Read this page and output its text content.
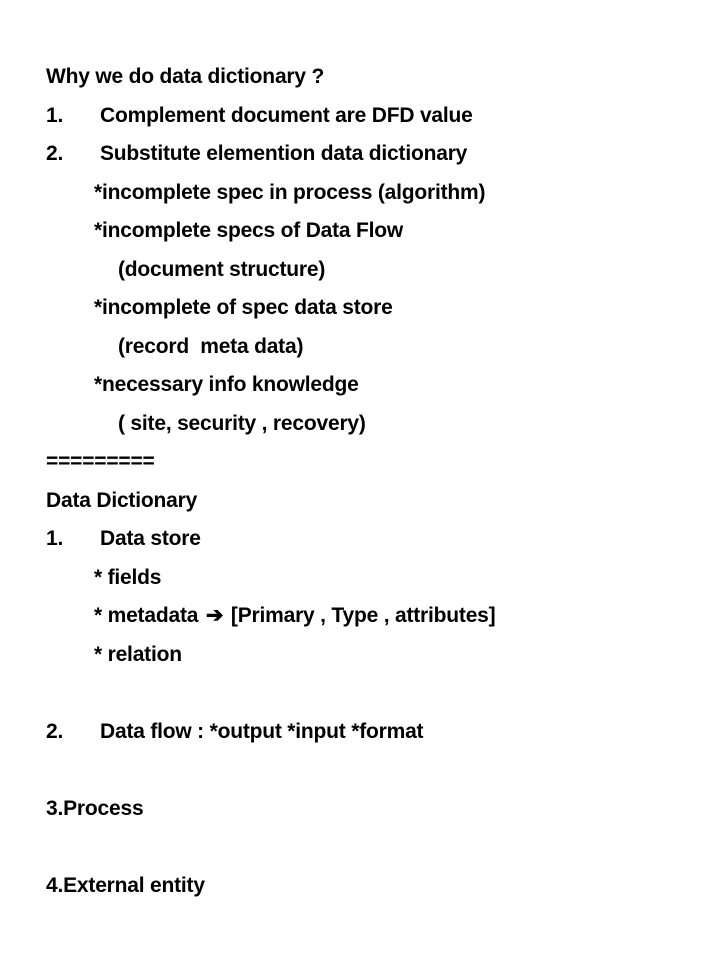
Why we do data dictionary ?
1. Complement document are DFD value
2. Substitute elemention data dictionary
*incomplete spec in process (algorithm)
*incomplete specs of Data Flow
(document structure)
*incomplete of spec data store
(record  meta data)
*necessary info knowledge
( site, security , recovery)
=========
Data Dictionary
1. Data store
* fields
* metadata ➔ [Primary , Type , attributes]
* relation
2. Data flow : *output *input *format
3.Process
4.External entity
